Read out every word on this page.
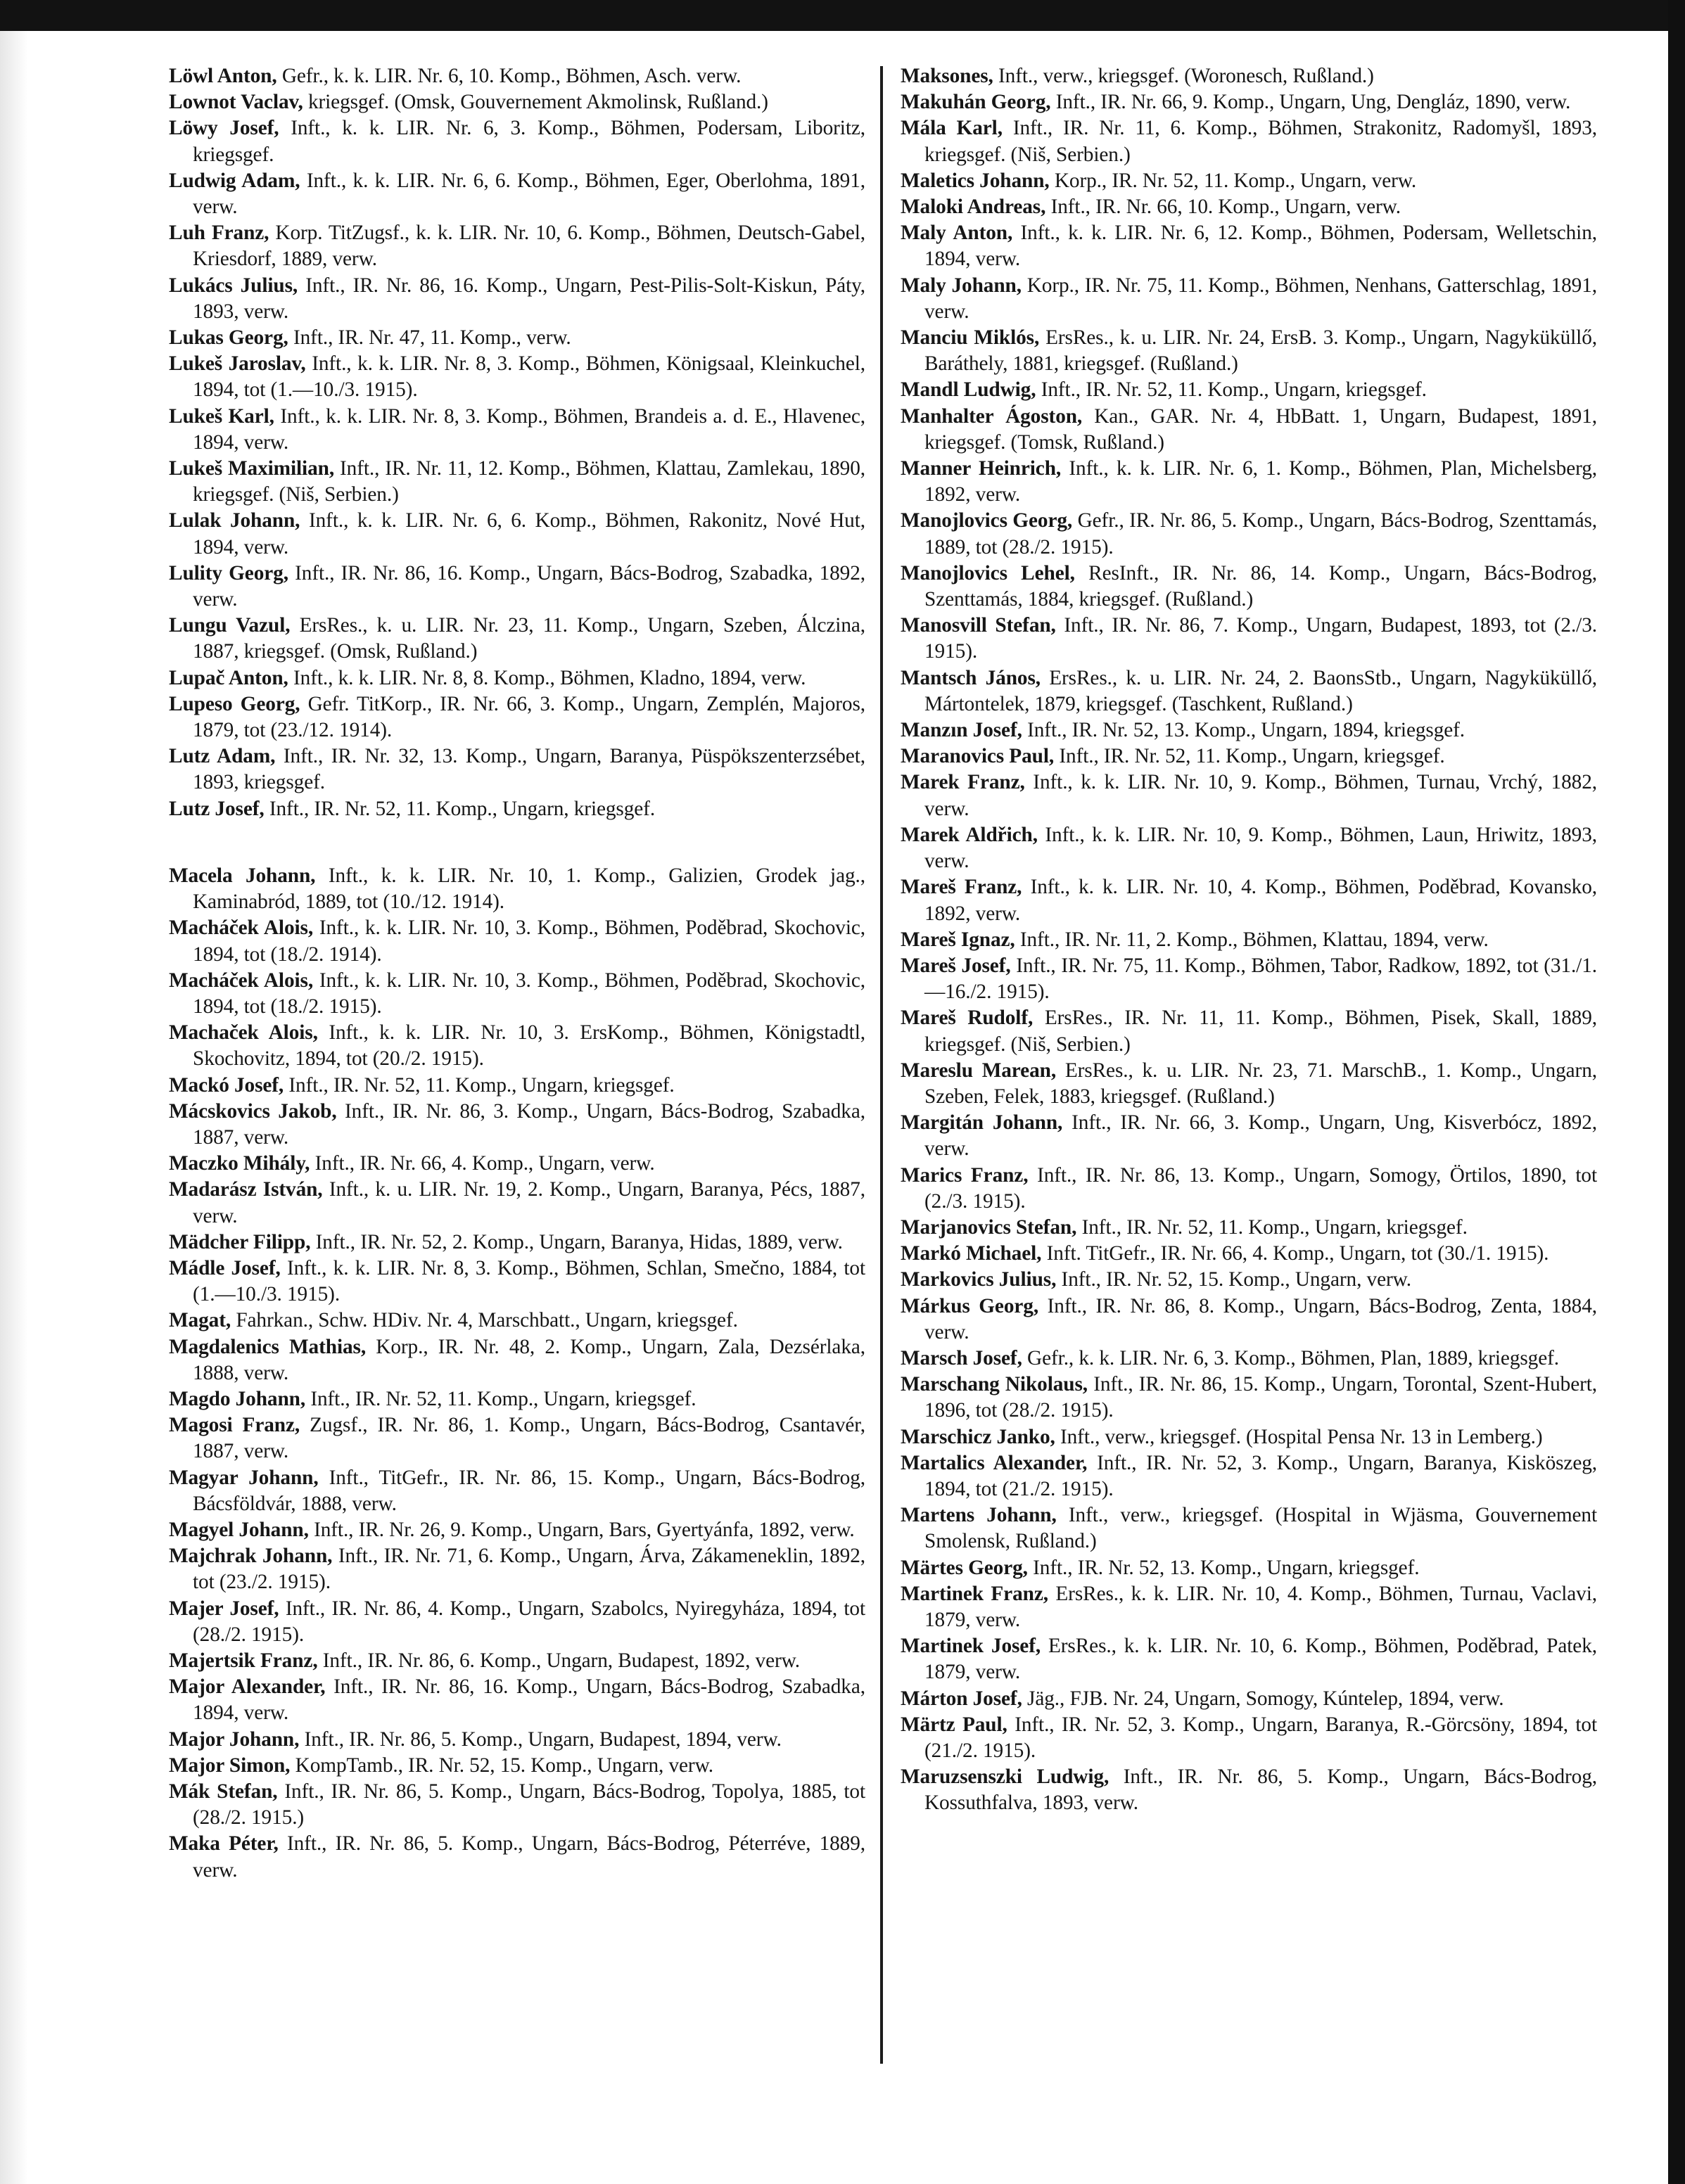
Löwl Anton, Gefr., k. k. LIR. Nr. 6, 10. Komp., Böhmen, Asch. verw.
Lownot Vaclav, kriegsgef. (Omsk, Gouvernement Akmolinsk, Rußland.)
Löwy Josef, Inft., k. k. LIR. Nr. 6, 3. Komp., Böhmen, Podersam, Liboritz, kriegsgef.
Ludwig Adam, Inft., k. k. LIR. Nr. 6, 6. Komp., Böhmen, Eger, Oberlohma, 1891, verw.
Luh Franz, Korp. TitZugsf., k. k. LIR. Nr. 10, 6. Komp., Böhmen, Deutsch-Gabel, Kriesdorf, 1889, verw.
Lukács Julius, Inft., IR. Nr. 86, 16. Komp., Ungarn, Pest-Pilis-Solt-Kiskun, Páty, 1893, verw.
Lukas Georg, Inft., IR. Nr. 47, 11. Komp., verw.
Lukeš Jaroslav, Inft., k. k. LIR. Nr. 8, 3. Komp., Böhmen, Königsaal, Kleinkuchel, 1894, tot (1.—10./3. 1915).
Lukeš Karl, Inft., k. k. LIR. Nr. 8, 3. Komp., Böhmen, Brandeis a. d. E., Hlavenec, 1894, verw.
Lukeš Maximilian, Inft., IR. Nr. 11, 12. Komp., Böhmen, Klattau, Zamlekau, 1890, kriegsgef. (Niš, Serbien.)
Lulak Johann, Inft., k. k. LIR. Nr. 6, 6. Komp., Böhmen, Rakonitz, Nové Hut, 1894, verw.
Lulity Georg, Inft., IR. Nr. 86, 16. Komp., Ungarn, Bács-Bodrog, Szabadka, 1892, verw.
Lungu Vazul, ErsRes., k. u. LIR. Nr. 23, 11. Komp., Ungarn, Szeben, Álczina, 1887, kriegsgef. (Omsk, Rußland.)
Lupač Anton, Inft., k. k. LIR. Nr. 8, 8. Komp., Böhmen, Kladno, 1894, verw.
Lupeso Georg, Gefr. TitKorp., IR. Nr. 66, 3. Komp., Ungarn, Zemplén, Majoros, 1879, tot (23./12. 1914).
Lutz Adam, Inft., IR. Nr. 32, 13. Komp., Ungarn, Baranya, Püspökszenterzsébet, 1893, kriegsgef.
Lutz Josef, Inft., IR. Nr. 52, 11. Komp., Ungarn, kriegsgef.
Macela Johann, Inft., k. k. LIR. Nr. 10, 1. Komp., Galizien, Grodek jag., Kaminabród, 1889, tot (10./12. 1914).
Macháček Alois, Inft., k. k. LIR. Nr. 10, 3. Komp., Böhmen, Poděbrad, Skochovic, 1894, tot (18./2. 1914).
Macháček Alois, Inft., k. k. LIR. Nr. 10, 3. Komp., Böhmen, Poděbrad, Skochovic, 1894, tot (18./2. 1915).
Machaček Alois, Inft., k. k. LIR. Nr. 10, 3. ErsKomp., Böhmen, Königstadtl, Skochovitz, 1894, tot (20./2. 1915).
Mackó Josef, Inft., IR. Nr. 52, 11. Komp., Ungarn, kriegsgef.
Mácskovics Jakob, Inft., IR. Nr. 86, 3. Komp., Ungarn, Bács-Bodrog, Szabadka, 1887, verw.
Maczko Mihály, Inft., IR. Nr. 66, 4. Komp., Ungarn, verw.
Madarász István, Inft., k. u. LIR. Nr. 19, 2. Komp., Ungarn, Baranya, Pécs, 1887, verw.
Mädcher Filipp, Inft., IR. Nr. 52, 2. Komp., Ungarn, Baranya, Hidas, 1889, verw.
Mádle Josef, Inft., k. k. LIR. Nr. 8, 3. Komp., Böhmen, Schlan, Smečno, 1884, tot (1.—10./3. 1915).
Magat, Fahrkan., Schw. HDiv. Nr. 4, Marschbatt., Ungarn, kriegsgef.
Magdalenics Mathias, Korp., IR. Nr. 48, 2. Komp., Ungarn, Zala, Dezsérlaka, 1888, verw.
Magdo Johann, Inft., IR. Nr. 52, 11. Komp., Ungarn, kriegsgef.
Magosi Franz, Zugsf., IR. Nr. 86, 1. Komp., Ungarn, Bács-Bodrog, Csantavér, 1887, verw.
Magyar Johann, Inft., TitGefr., IR. Nr. 86, 15. Komp., Ungarn, Bács-Bodrog, Bácsföldvár, 1888, verw.
Magyel Johann, Inft., IR. Nr. 26, 9. Komp., Ungarn, Bars, Gyertyánfa, 1892, verw.
Majchrak Johann, Inft., IR. Nr. 71, 6. Komp., Ungarn, Árva, Zákameneklin, 1892, tot (23./2. 1915).
Majer Josef, Inft., IR. Nr. 86, 4. Komp., Ungarn, Szabolcs, Nyiregyháza, 1894, tot (28./2. 1915).
Majertsik Franz, Inft., IR. Nr. 86, 6. Komp., Ungarn, Budapest, 1892, verw.
Major Alexander, Inft., IR. Nr. 86, 16. Komp., Ungarn, Bács-Bodrog, Szabadka, 1894, verw.
Major Johann, Inft., IR. Nr. 86, 5. Komp., Ungarn, Budapest, 1894, verw.
Major Simon, KompTamb., IR. Nr. 52, 15. Komp., Ungarn, verw.
Mák Stefan, Inft., IR. Nr. 86, 5. Komp., Ungarn, Bács-Bodrog, Topolya, 1885, tot (28./2. 1915.)
Maka Péter, Inft., IR. Nr. 86, 5. Komp., Ungarn, Bács-Bodrog, Péterréve, 1889, verw.
Maksones, Inft., verw., kriegsgef. (Woronesch, Rußland.)
Makuhán Georg, Inft., IR. Nr. 66, 9. Komp., Ungarn, Ung, Dengláz, 1890, verw.
Mála Karl, Inft., IR. Nr. 11, 6. Komp., Böhmen, Strakonitz, Radomyšl, 1893, kriegsgef. (Niš, Serbien.)
Maletics Johann, Korp., IR. Nr. 52, 11. Komp., Ungarn, verw.
Maloki Andreas, Inft., IR. Nr. 66, 10. Komp., Ungarn, verw.
Maly Anton, Inft., k. k. LIR. Nr. 6, 12. Komp., Böhmen, Podersam, Welletschin, 1894, verw.
Maly Johann, Korp., IR. Nr. 75, 11. Komp., Böhmen, Nenhans, Gatterschlag, 1891, verw.
Manciu Miklós, ErsRes., k. u. LIR. Nr. 24, ErsB. 3. Komp., Ungarn, Nagyküküllő, Baráthely, 1881, kriegsgef. (Rußland.)
Mandl Ludwig, Inft., IR. Nr. 52, 11. Komp., Ungarn, kriegsgef.
Manhalter Ágoston, Kan., GAR. Nr. 4, HbBatt. 1, Ungarn, Budapest, 1891, kriegsgef. (Tomsk, Rußland.)
Manner Heinrich, Inft., k. k. LIR. Nr. 6, 1. Komp., Böhmen, Plan, Michelsberg, 1892, verw.
Manojlovics Georg, Gefr., IR. Nr. 86, 5. Komp., Ungarn, Bács-Bodrog, Szenttamás, 1889, tot (28./2. 1915).
Manojlovics Lehel, ResInft., IR. Nr. 86, 14. Komp., Ungarn, Bács-Bodrog, Szenttamás, 1884, kriegsgef. (Rußland.)
Manosvill Stefan, Inft., IR. Nr. 86, 7. Komp., Ungarn, Budapest, 1893, tot (2./3. 1915).
Mantsch János, ErsRes., k. u. LIR. Nr. 24, 2. BaonsStb., Ungarn, Nagyküküllő, Mártontelek, 1879, kriegsgef. (Taschkent, Rußland.)
Manzın Josef, Inft., IR. Nr. 52, 13. Komp., Ungarn, 1894, kriegsgef.
Maranovics Paul, Inft., IR. Nr. 52, 11. Komp., Ungarn, kriegsgef.
Marek Franz, Inft., k. k. LIR. Nr. 10, 9. Komp., Böhmen, Turnau, Vrchý, 1882, verw.
Marek Aldřich, Inft., k. k. LIR. Nr. 10, 9. Komp., Böhmen, Laun, Hriwitz, 1893, verw.
Mareš Franz, Inft., k. k. LIR. Nr. 10, 4. Komp., Böhmen, Poděbrad, Kovansko, 1892, verw.
Mareš Ignaz, Inft., IR. Nr. 11, 2. Komp., Böhmen, Klattau, 1894, verw.
Mareš Josef, Inft., IR. Nr. 75, 11. Komp., Böhmen, Tabor, Radkow, 1892, tot (31./1.—16./2. 1915).
Mareš Rudolf, ErsRes., IR. Nr. 11, 11. Komp., Böhmen, Pisek, Skall, 1889, kriegsgef. (Niš, Serbien.)
Mareslu Marean, ErsRes., k. u. LIR. Nr. 23, 71. MarschB., 1. Komp., Ungarn, Szeben, Felek, 1883, kriegsgef. (Rußland.)
Margitán Johann, Inft., IR. Nr. 66, 3. Komp., Ungarn, Ung, Kisverbócz, 1892, verw.
Marics Franz, Inft., IR. Nr. 86, 13. Komp., Ungarn, Somogy, Örtilos, 1890, tot (2./3. 1915).
Marjanovics Stefan, Inft., IR. Nr. 52, 11. Komp., Ungarn, kriegsgef.
Markó Michael, Inft. TitGefr., IR. Nr. 66, 4. Komp., Ungarn, tot (30./1. 1915).
Markovics Julius, Inft., IR. Nr. 52, 15. Komp., Ungarn, verw.
Márkus Georg, Inft., IR. Nr. 86, 8. Komp., Ungarn, Bács-Bodrog, Zenta, 1884, verw.
Marsch Josef, Gefr., k. k. LIR. Nr. 6, 3. Komp., Böhmen, Plan, 1889, kriegsgef.
Marschang Nikolaus, Inft., IR. Nr. 86, 15. Komp., Ungarn, Torontal, Szent-Hubert, 1896, tot (28./2. 1915).
Marschicz Janko, Inft., verw., kriegsgef. (Hospital Pensa Nr. 13 in Lemberg.)
Martalics Alexander, Inft., IR. Nr. 52, 3. Komp., Ungarn, Baranya, Kisköszeg, 1894, tot (21./2. 1915).
Martens Johann, Inft., verw., kriegsgef. (Hospital in Wjäsma, Gouvernement Smolensk, Rußland.)
Märtes Georg, Inft., IR. Nr. 52, 13. Komp., Ungarn, kriegsgef.
Martinek Franz, ErsRes., k. k. LIR. Nr. 10, 4. Komp., Böhmen, Turnau, Vaclavi, 1879, verw.
Martinek Josef, ErsRes., k. k. LIR. Nr. 10, 6. Komp., Böhmen, Poděbrad, Patek, 1879, verw.
Márton Josef, Jäg., FJB. Nr. 24, Ungarn, Somogy, Kúntelep, 1894, verw.
Märtz Paul, Inft., IR. Nr. 52, 3. Komp., Ungarn, Baranya, R.-Görcsöny, 1894, tot (21./2. 1915).
Maruzsenszki Ludwig, Inft., IR. Nr. 86, 5. Komp., Ungarn, Bács-Bodrog, Kossuthfalva, 1893, verw.
